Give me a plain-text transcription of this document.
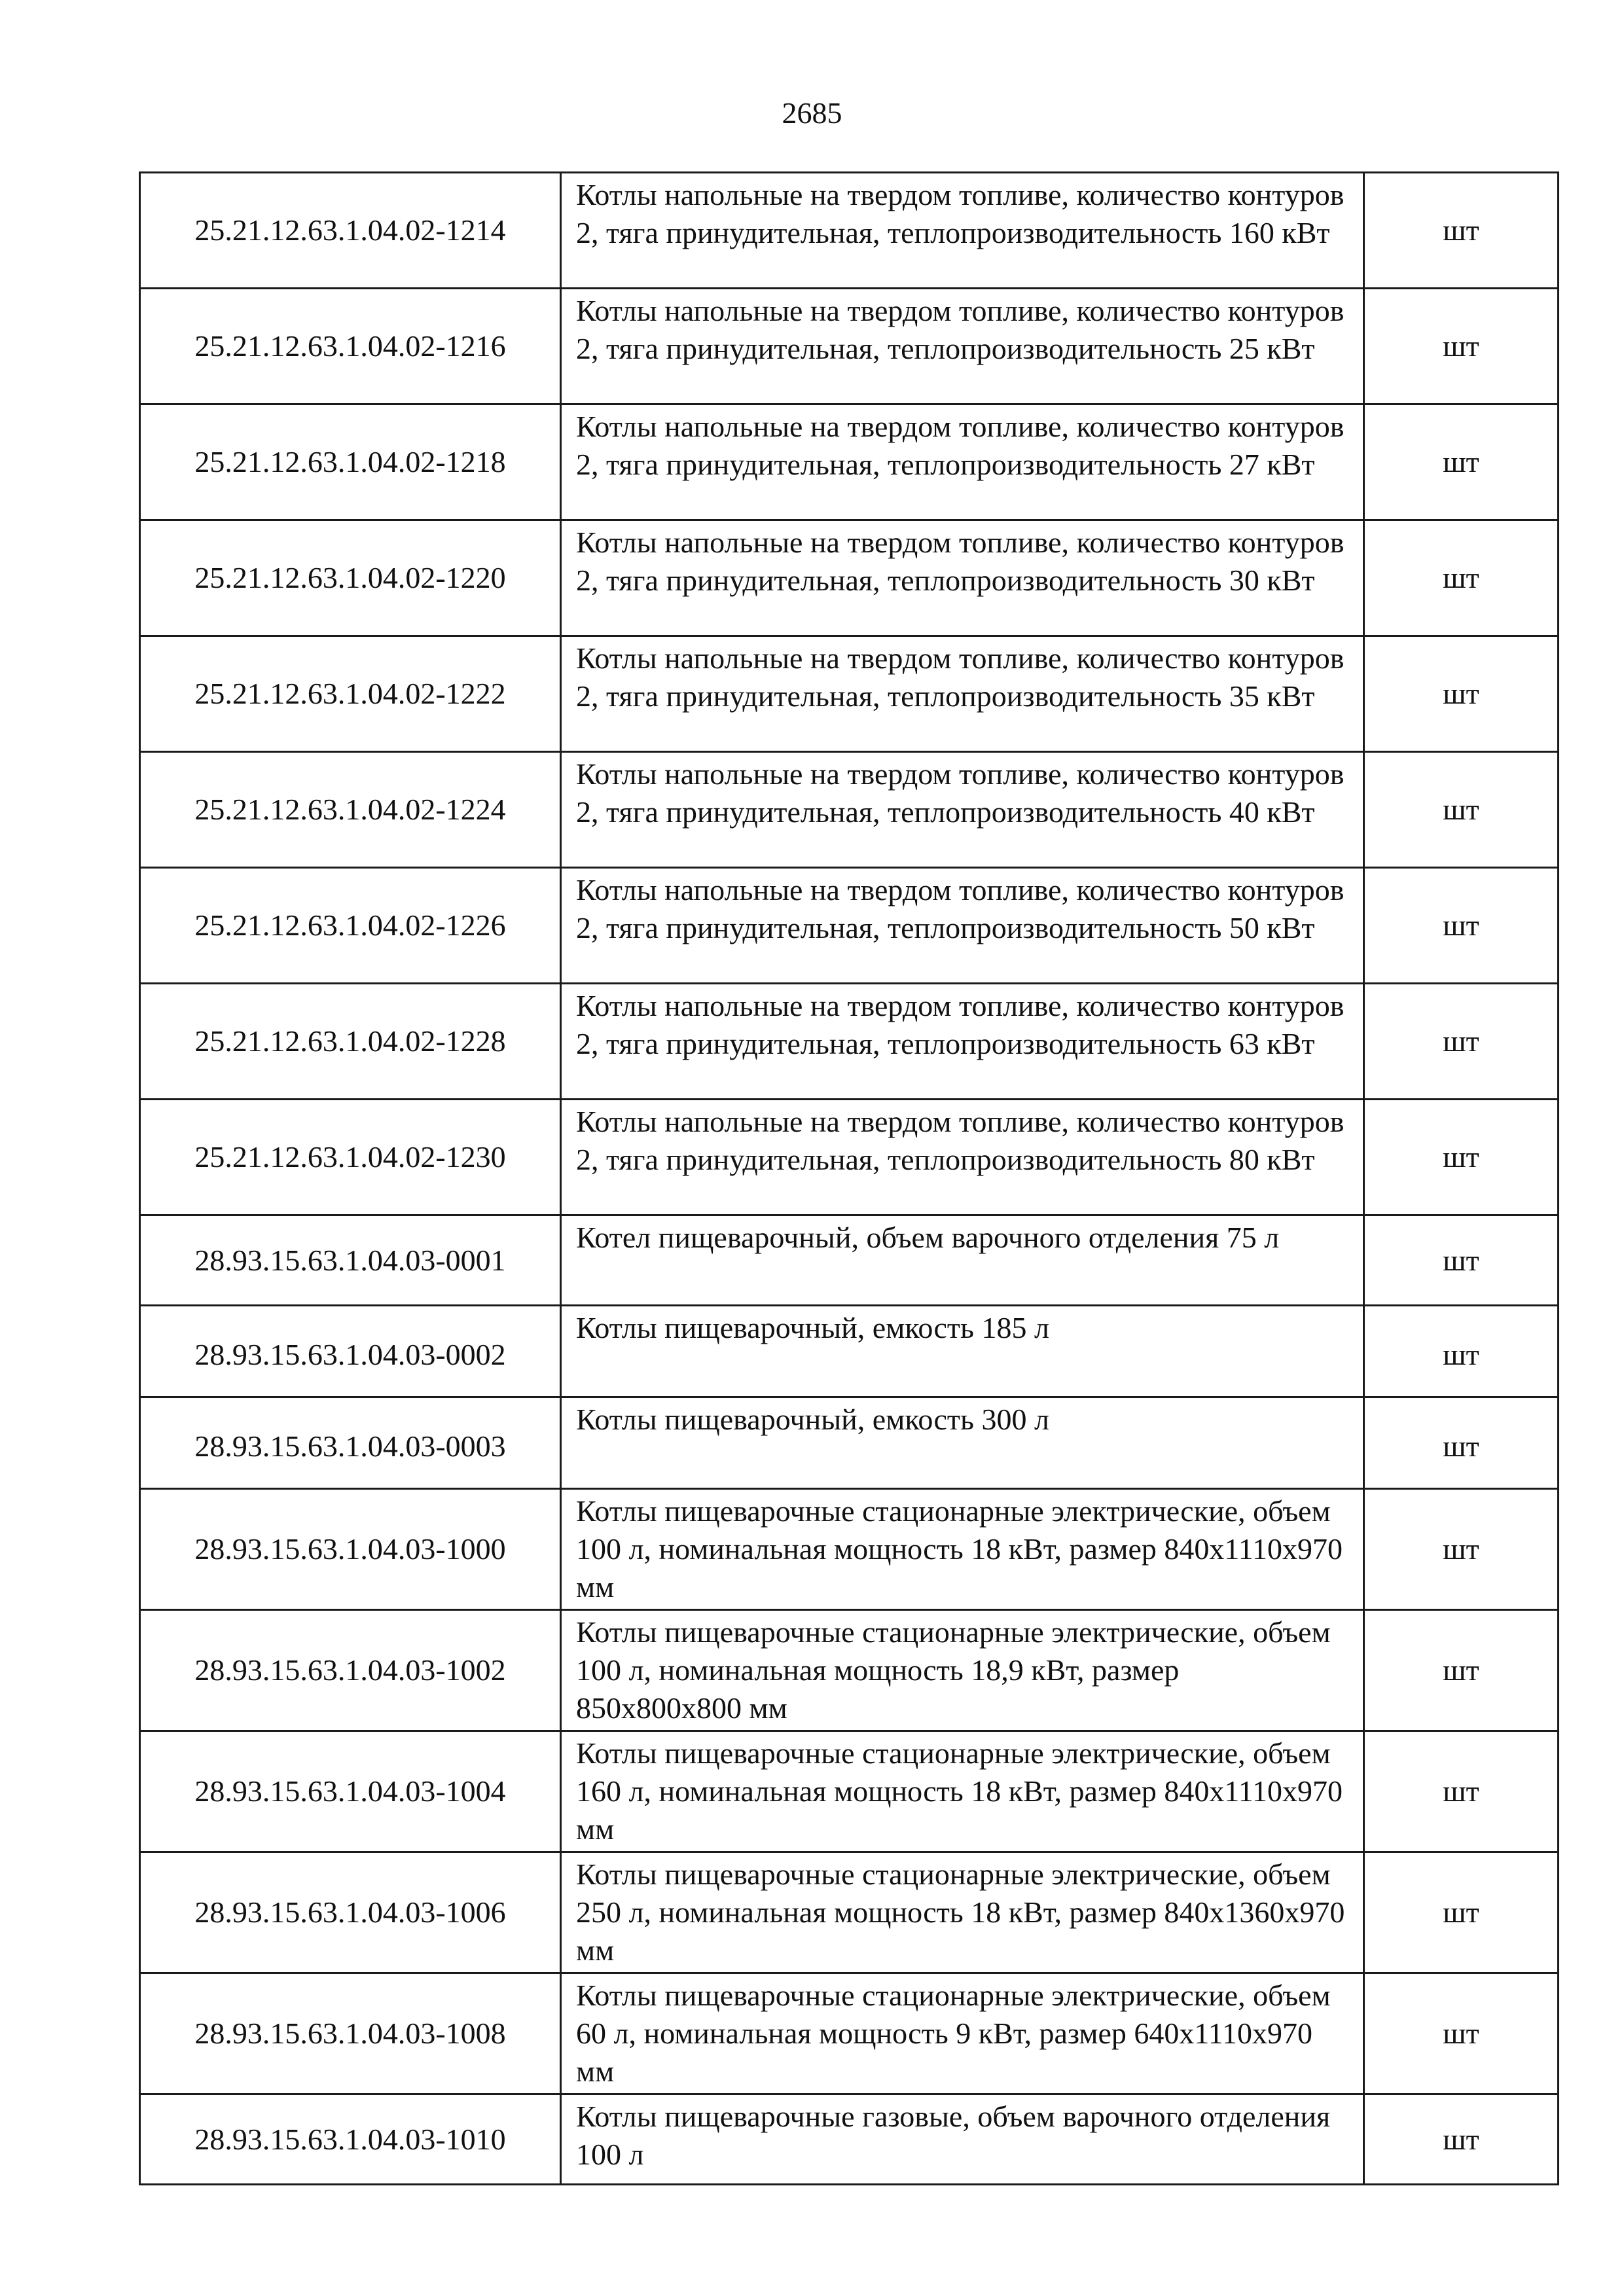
2685
25.21.12.63.1.04.02-1214	Котлы напольные на твердом топливе, количество контуров 2, тяга принудительная, теплопроизводительность 160 кВт	шт
25.21.12.63.1.04.02-1216	Котлы напольные на твердом топливе, количество контуров 2, тяга принудительная, теплопроизводительность 25 кВт	шт
25.21.12.63.1.04.02-1218	Котлы напольные на твердом топливе, количество контуров 2, тяга принудительная, теплопроизводительность 27 кВт	шт
25.21.12.63.1.04.02-1220	Котлы напольные на твердом топливе, количество контуров 2, тяга принудительная, теплопроизводительность 30 кВт	шт
25.21.12.63.1.04.02-1222	Котлы напольные на твердом топливе, количество контуров 2, тяга принудительная, теплопроизводительность 35 кВт	шт
25.21.12.63.1.04.02-1224	Котлы напольные на твердом топливе, количество контуров 2, тяга принудительная, теплопроизводительность 40 кВт	шт
25.21.12.63.1.04.02-1226	Котлы напольные на твердом топливе, количество контуров 2, тяга принудительная, теплопроизводительность 50 кВт	шт
25.21.12.63.1.04.02-1228	Котлы напольные на твердом топливе, количество контуров 2, тяга принудительная, теплопроизводительность 63 кВт	шт
25.21.12.63.1.04.02-1230	Котлы напольные на твердом топливе, количество контуров 2, тяга принудительная, теплопроизводительность 80 кВт	шт
28.93.15.63.1.04.03-0001	Котел пищеварочный, объем варочного отделения 75 л	шт
28.93.15.63.1.04.03-0002	Котлы пищеварочный, емкость 185 л	шт
28.93.15.63.1.04.03-0003	Котлы пищеварочный, емкость 300 л	шт
28.93.15.63.1.04.03-1000	Котлы пищеварочные стационарные электрические, объем 100 л, номинальная мощность 18 кВт, размер 840х1110х970 мм	шт
28.93.15.63.1.04.03-1002	Котлы пищеварочные стационарные электрические, объем 100 л, номинальная мощность 18,9 кВт, размер 850х800х800 мм	шт
28.93.15.63.1.04.03-1004	Котлы пищеварочные стационарные электрические, объем 160 л, номинальная мощность 18 кВт, размер 840х1110х970 мм	шт
28.93.15.63.1.04.03-1006	Котлы пищеварочные стационарные электрические, объем 250 л, номинальная мощность 18 кВт, размер 840х1360х970 мм	шт
28.93.15.63.1.04.03-1008	Котлы пищеварочные стационарные электрические, объем 60 л, номинальная мощность 9 кВт, размер 640х1110х970 мм	шт
28.93.15.63.1.04.03-1010	Котлы пищеварочные газовые, объем варочного отделения 100 л	шт
